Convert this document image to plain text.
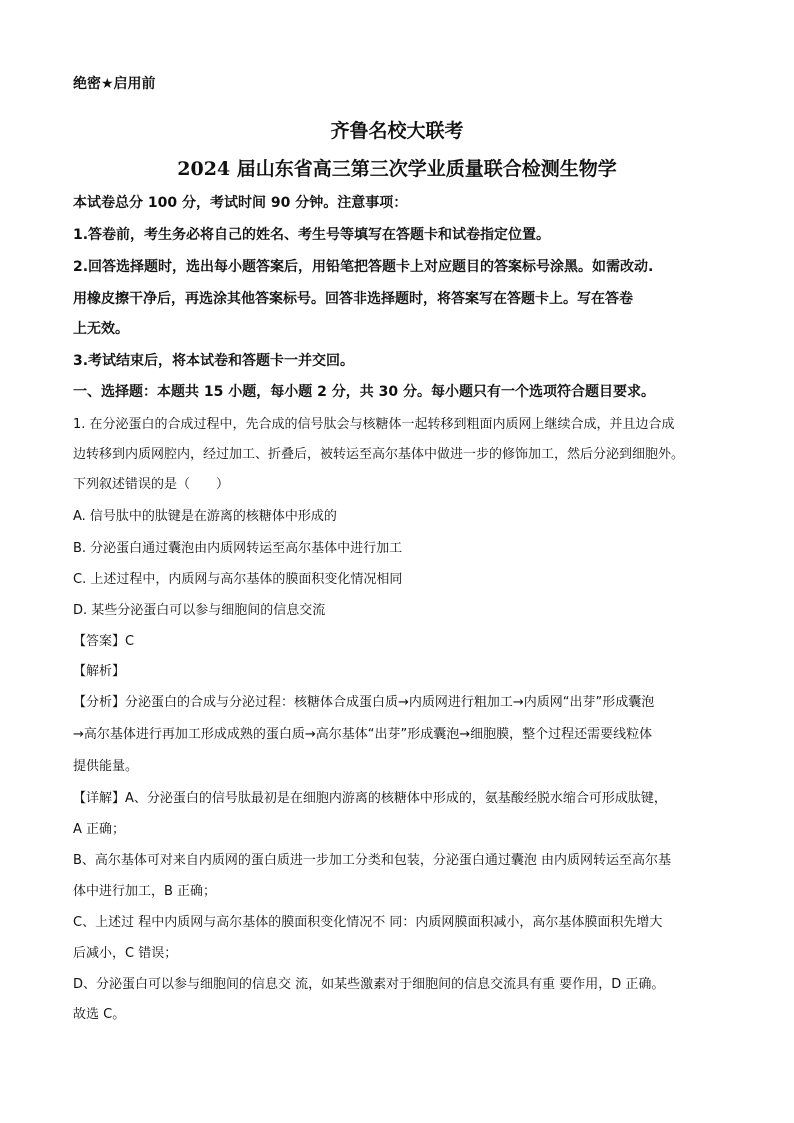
绝密★启用前
齐鲁名校大联考
2024 届山东省高三第三次学业质量联合检测生物学
本试卷总分 100 分，考试时间 90 分钟。注意事项：
1.答卷前，考生务必将自己的姓名、考生号等填写在答题卡和试卷指定位置。
2.回答选择题时，选出每小题答案后，用铅笔把答题卡上对应题目的答案标号涂黑。如需改动.
用橡皮擦干净后，再选涂其他答案标号。回答非选择题时，将答案写在答题卡上。写在答卷
上无效。
3.考试结束后，将本试卷和答题卡一并交回。
一、选择题：本题共 15 小题，每小题 2 分，共 30 分。每小题只有一个选项符合题目要求。
1. 在分泌蛋白的合成过程中，先合成的信号肽会与核糖体一起转移到粗面内质网上继续合成，并且边合成
边转移到内质网腔内，经过加工、折叠后，被转运至高尔基体中做进一步的修饰加工，然后分泌到细胞外。
下列叙述错误的是（　　）
A. 信号肽中的肽键是在游离的核糖体中形成的
B. 分泌蛋白通过囊泡由内质网转运至高尔基体中进行加工
C. 上述过程中，内质网与高尔基体的膜面积变化情况相同
D. 某些分泌蛋白可以参与细胞间的信息交流
【答案】C
【解析】
【分析】分泌蛋白的合成与分泌过程：核糖体合成蛋白质→内质网进行粗加工→内质网“出芽”形成囊泡
→高尔基体进行再加工形成成熟的蛋白质→高尔基体“出芽”形成囊泡→细胞膜，整个过程还需要线粒体
提供能量。
【详解】A、分泌蛋白的信号肽最初是在细胞内游离的核糖体中形成的，氨基酸经脱水缩合可形成肽键，
A 正确；
B、高尔基体可对来自内质网的蛋白质进一步加工分类和包装，分泌蛋白通过囊泡 由内质网转运至高尔基
体中进行加工，B 正确；
C、上述过 程中内质网与高尔基体的膜面积变化情况不 同：内质网膜面积减小，高尔基体膜面积先增大
后减小，C 错误；
D、分泌蛋白可以参与细胞间的信息交 流，如某些激素对于细胞间的信息交流具有重 要作用，D 正确。
故选 C。
